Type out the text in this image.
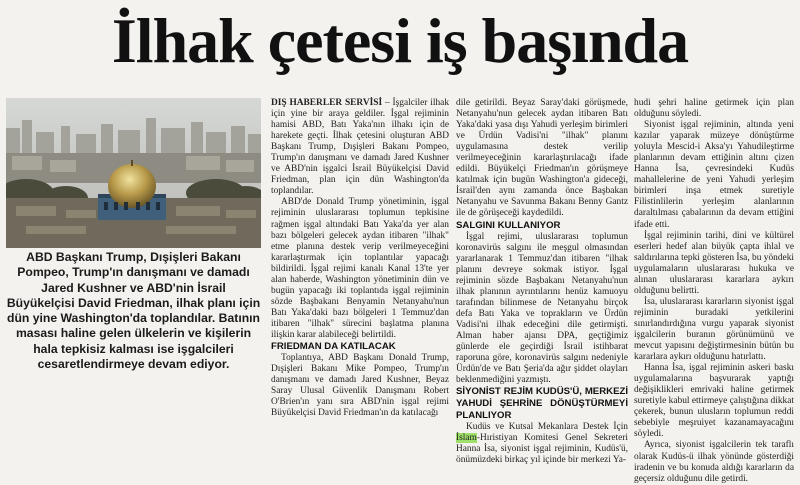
İlhak çetesi iş başında
ABD Başkanı Trump, Dışişleri Bakanı Pompeo, Trump'ın danışmanı ve damadı Jared Kushner ve ABD'nin İsrail Büyükelçisi David Friedman, ilhak planı için dün yine Washington'da toplandılar. Batının masası haline gelen ülkelerin ve kişilerin hala tepkisiz kalması ise işgalcileri cesaretlendirmeye devam ediyor.

DIŞ HABERLER SERVİSİ – İşgalciler ilhak için yine bir araya geldiler. İşgal rejiminin hamisi ABD, Batı Yaka'nın ilhakı için de harekete geçti. İlhak çetesini oluşturan ABD Başkanı Trump, Dışişleri Bakanı Pompeo, Trump'ın danışmanı ve damadı Jared Kushner ve ABD'nin işgalci İsrail Büyükelçisi David Friedman, plan için dün Washington'da toplandılar.

ABD'de Donald Trump yönetiminin, işgal rejiminin uluslararası toplumun tepkisine rağmen işgal altındaki Batı Yaka'da yer alan bazı bölgeleri gelecek aydan itibaren "ilhak" etme planına destek verip verilmeyeceğini kararlaştırmak için toplantılar yapacağı bildirildi. İşgal rejimi kanalı Kanal 13'te yer alan haberde, Washington yönetiminin dün ve bugün yapacağı iki toplantıda işgal rejiminin sözde Başbakanı Benyamin Netanyahu'nun Batı Yaka'daki bazı bölgeleri 1 Temmuz'dan itibaren "ilhak" sürecini başlatma planına ilişkin karar alabileceği belirtildi.

FRIEDMAN DA KATILACAK

Toplantıya, ABD Başkanı Donald Trump, Dışişleri Bakanı Mike Pompeo, Trump'ın danışmanı ve damadı Jared Kushner, Beyaz Saray Ulusal Güvenlik Danışmanı Robert O'Brien'ın yanı sıra ABD'nin işgal rejimi Büyükelçisi David Friedman'ın da katılacağı

dile getirildi. Beyaz Saray'daki görüşmede, Netanyahu'nun gelecek aydan itibaren Batı Yaka'daki yasa dışı Yahudi yerleşim birimleri ve Ürdün Vadisi'ni "ilhak" planını uygulamasına destek verilip verilmeyeceğinin kararlaştırılacağı ifade edildi. Büyükelçi Friedman'ın görüşmeye katılmak için bugün Washington'a gideceği, İsrail'den aynı zamanda önce Başbakan Netanyahu ve Savunma Bakanı Benny Gantz ile de görüşeceği kaydedildi.

SALGINI KULLANIYOR

İşgal rejimi, uluslararası toplumun koronavirüs salgını ile meşgul olmasından yararlanarak 1 Temmuz'dan itibaren "ilhak planını devreye sokmak istiyor. İşgal rejiminin sözde Başbakanı Netanyahu'nun ilhak planının ayrıntılarını henüz kamuoyu tarafından bilinmese de Netanyahu birçok defa Batı Yaka ve toprakların ve Ürdün Vadisi'ni ilhak edeceğini dile getirmişti. Alman haber ajansı DPA, geçtiğimiz günlerde ele geçirdiği İsrail istihbarat raporuna göre, koronavirüs salgını nedeniyle Ürdün'de ve Batı Şeria'da ağır şiddet olayları beklenmediğini yazmıştı.

SİYONİST REJİM KUDÜS'Ü, MERKEZİ YAHUDİ ŞEHRİNE DÖNÜŞTÜRMEYİ PLANLIYOR

Kudüs ve Kutsal Mekanlara Destek İçin İslam-Hıristiyan Komitesi Genel Sekreteri Hanna İsa, siyonist işgal rejiminin, Kudüs'ü, önümüzdeki birkaç yıl içinde bir merkezi Ya-

hudi şehri haline getirmek için plan olduğunu söyledi.

Siyonist işgal rejiminin, altında yeni kazılar yaparak müzeye dönüştürme yoluyla Mescid-i Aksa'yı Yahudileştirme planlarının devam ettiğinin altını çizen Hanna İsa, çevresindeki Kudüs mahallelerine de yeni Yahudi yerleşim birimleri inşa etmek suretiyle Filistinlilerin yerleşim alanlarının daraltılması çabalarının da devam ettiğini ifade etti.

İşgal rejiminin tarihi, dini ve kültürel eserleri hedef alan büyük çapta ihlal ve saldırılarına tepki gösteren İsa, bu yöndeki uygulamaların uluslararası hukuka ve alınan uluslararası kararlara aykırı olduğunu belirtti.

İsa, uluslararası kararların siyonist işgal rejiminin buradaki yetkilerini sınırlandırdığına vurgu yaparak siyonist işgalcilerin buranın görünümünü ve mevcut yapısını değiştirmesinin bütün bu kararlara aykırı olduğunu hatırlattı.

Hanna İsa, işgal rejiminin askeri baskı uygulamalarına başvurarak yaptığı değişiklikleri emrivaki haline getirmek suretiyle kabul ettirmeye çalıştığına dikkat çekerek, bunun ulusların toplumun reddi sebebiyle meşruiyet kazanamayacağını söyledi.

Ayrıca, siyonist işgalcilerin tek taraflı olarak Kudüs-ü ilhak yönünde gösterdiği iradenin ve bu konuda aldığı kararların da geçersiz olduğunu dile getirdi.
